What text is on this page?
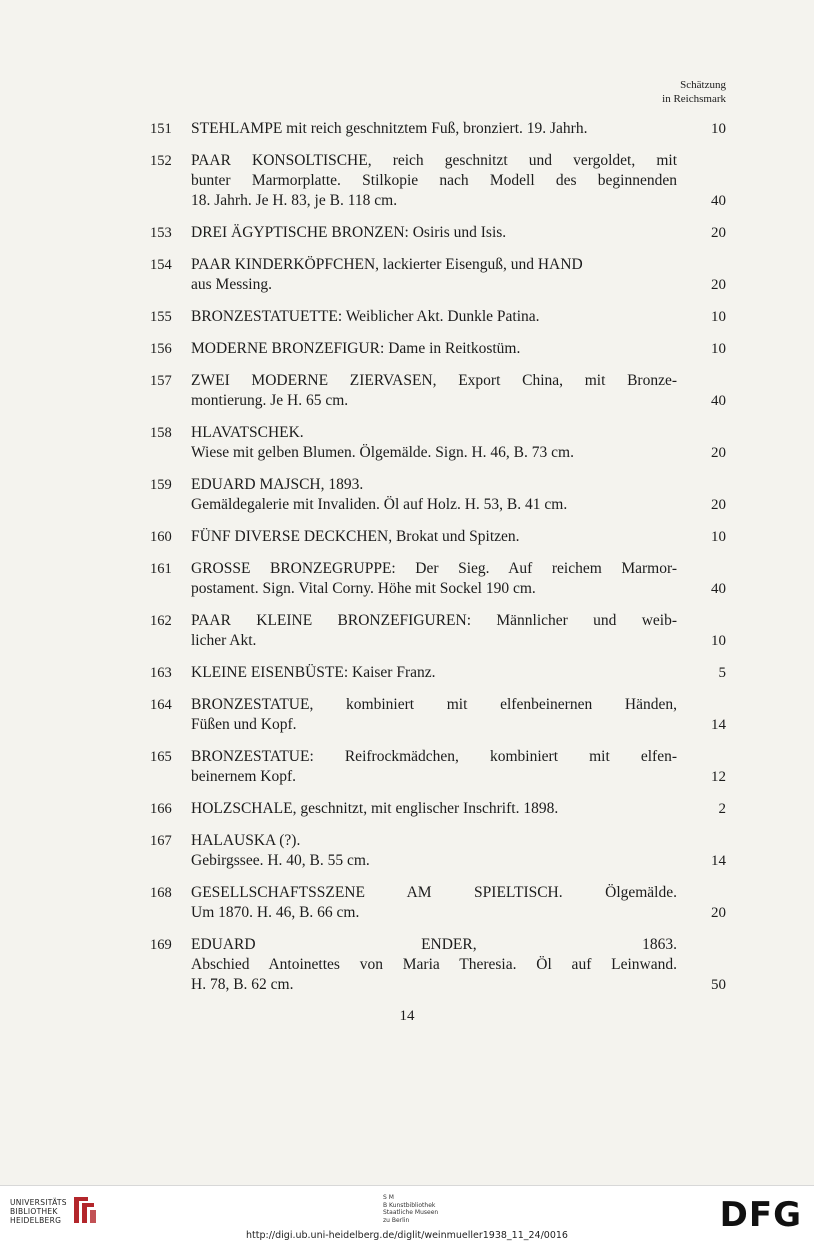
Schätzung
in Reichsmark
151	STEHLAMPE mit reich geschnitztem Fuß, bronziert. 19. Jahrh.	10
152	PAAR KONSOLTISCHE, reich geschnitzt und vergoldet, mit
bunter Marmorplatte. Stilkopie nach Modell des beginnenden
18. Jahrh. Je H. 83, je B. 118 cm.	40
153	DREI ÄGYPTISCHE BRONZEN: Osiris und Isis.	20
154	PAAR KINDERKÖPFCHEN, lackierter Eisenguß, und HAND
aus Messing.	20
155	BRONZESTATUETTE: Weiblicher Akt. Dunkle Patina.	10
156	MODERNE BRONZEFIGUR: Dame in Reitkostüm.	10
157	ZWEI MODERNE ZIERVASEN, Export China, mit Bronze-
montierung. Je H. 65 cm.	40
158	HLAVATSCHEK.
Wiese mit gelben Blumen. Ölgemälde. Sign. H. 46, B. 73 cm.	20
159	EDUARD MAJSCH, 1893.
Gemäldegalerie mit Invaliden. Öl auf Holz. H. 53, B. 41 cm.	20
160	FÜNF DIVERSE DECKCHEN, Brokat und Spitzen.	10
161	GROSSE BRONZEGRUPPE: Der Sieg. Auf reichem Marmor-
postament. Sign. Vital Corny. Höhe mit Sockel 190 cm.	40
162	PAAR KLEINE BRONZEFIGUREN: Männlicher und weib-
licher Akt.	10
163	KLEINE EISENBÜSTE: Kaiser Franz.	5
164	BRONZESTATUE, kombiniert mit elfenbeinernen Händen,
Füßen und Kopf.	14
165	BRONZESTATUE: Reifrockmädchen, kombiniert mit elfen-
beinernem Kopf.	12
166	HOLZSCHALE, geschnitzt, mit englischer Inschrift. 1898.	2
167	HALAUSKA (?).
Gebirgssee. H. 40, B. 55 cm.	14
168	GESELLSCHAFTSSZENE AM SPIELTISCH. Ölgemälde.
Um 1870. H. 46, B. 66 cm.	20
169	EDUARD ENDER, 1863.
Abschied Antoinettes von Maria Theresia. Öl auf Leinwand.
H. 78, B. 62 cm.	50
14
UNIVERSITÄTS
BIBLIOTHEK
HEIDELBERG
S M
B Kunstbibliothek
Staatliche Museen
zu Berlin	DFG
http://digi.ub.uni-heidelberg.de/diglit/weinmueller1938_11_24/0016
